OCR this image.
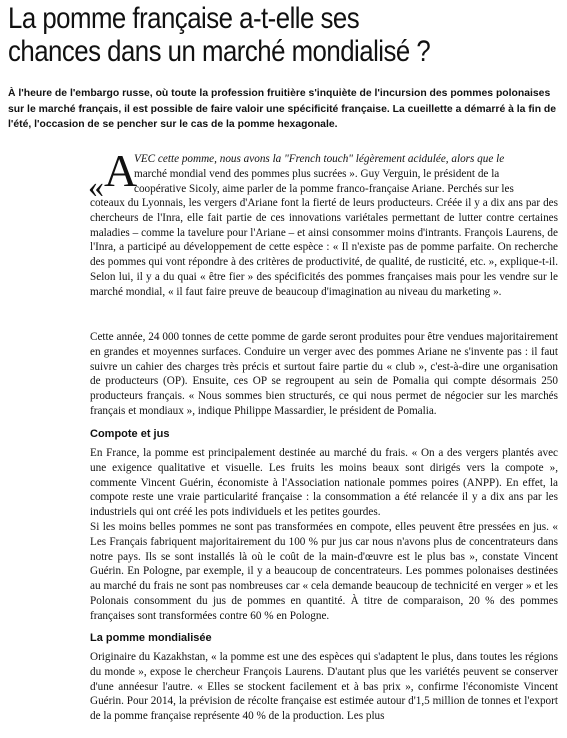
La pomme française a-t-elle ses
chances dans un marché mondialisé ?

À l'heure de l'embargo russe, où toute la profession fruitière s'inquiète de l'incursion des pommes polonaises sur le marché français, il est possible de faire valoir une spécificité française. La cueillette a démarré à la fin de l'été, l'occasion de se pencher sur le cas de la pomme hexagonale.

« A

VEC cette pomme, nous avons la "French touch" légèrement acidulée, alors que le

marché mondial vend des pommes plus sucrées ». Guy Verguin, le président de la

coopérative Sicoly, aime parler de la pomme franco-française Ariane. Perchés sur les

coteaux du Lyonnais, les vergers d'Ariane font la fierté de leurs producteurs. Créée il y a dix ans par des chercheurs de l'Inra, elle fait partie de ces innovations variétales permettant de lutter contre certaines maladies – comme la tavelure pour l'Ariane – et ainsi consommer moins d'intrants. François Laurens, de l'Inra, a participé au développement de cette espèce : « Il n'existe pas de pomme parfaite. On recherche des pommes qui vont répondre à des critères de productivité, de qualité, de rusticité, etc. », explique-t-il. Selon lui, il y a du quai « être fier » des spécificités des pommes françaises mais pour les vendre sur le marché mondial, « il faut faire preuve de beaucoup d'imagination au niveau du marketing ».

Cette année, 24 000 tonnes de cette pomme de garde seront produites pour être vendues majoritairement en grandes et moyennes surfaces. Conduire un verger avec des pommes Ariane ne s'invente pas : il faut suivre un cahier des charges très précis et surtout faire partie du « club », c'est-à-dire une organisation de producteurs (OP). Ensuite, ces OP se regroupent au sein de Pomalia qui compte désormais 250 producteurs français. « Nous sommes bien structurés, ce qui nous permet de négocier sur les marchés français et mondiaux », indique Philippe Massardier, le président de Pomalia.

Compote et jus

En France, la pomme est principalement destinée au marché du frais. « On a des vergers plantés avec une exigence qualitative et visuelle. Les fruits les moins beaux sont dirigés vers la compote », commente Vincent Guérin, économiste à l'Association nationale pommes poires (ANPP). En effet, la compote reste une vraie particularité française : la consommation a été relancée il y a dix ans par les industriels qui ont créé les pots individuels et les petites gourdes.

Si les moins belles pommes ne sont pas transformées en compote, elles peuvent être pressées en jus. « Les Français fabriquent majoritairement du 100 % pur jus car nous n'avons plus de concentrateurs dans notre pays. Ils se sont installés là où le coût de la main-d'œuvre est le plus bas », constate Vincent Guérin. En Pologne, par exemple, il y a beaucoup de concentrateurs. Les pommes polonaises destinées au marché du frais ne sont pas nombreuses car « cela demande beaucoup de technicité en verger » et les Polonais consomment du jus de pommes en quantité. À titre de comparaison, 20 % des pommes françaises sont transformées contre 60 % en Pologne.

La pomme mondialisée

Originaire du Kazakhstan, « la pomme est une des espèces qui s'adaptent le plus, dans toutes les régions du monde », expose le chercheur François Laurens. D'autant plus que les variétés peuvent se conserver d'une annéesur l'autre. « Elles se stockent facilement et à bas prix », confirme l'économiste Vincent Guérin. Pour 2014, la prévision de récolte française est estimée autour d'1,5 million de tonnes et l'export de la pomme française représente 40 % de la production. Les plus
